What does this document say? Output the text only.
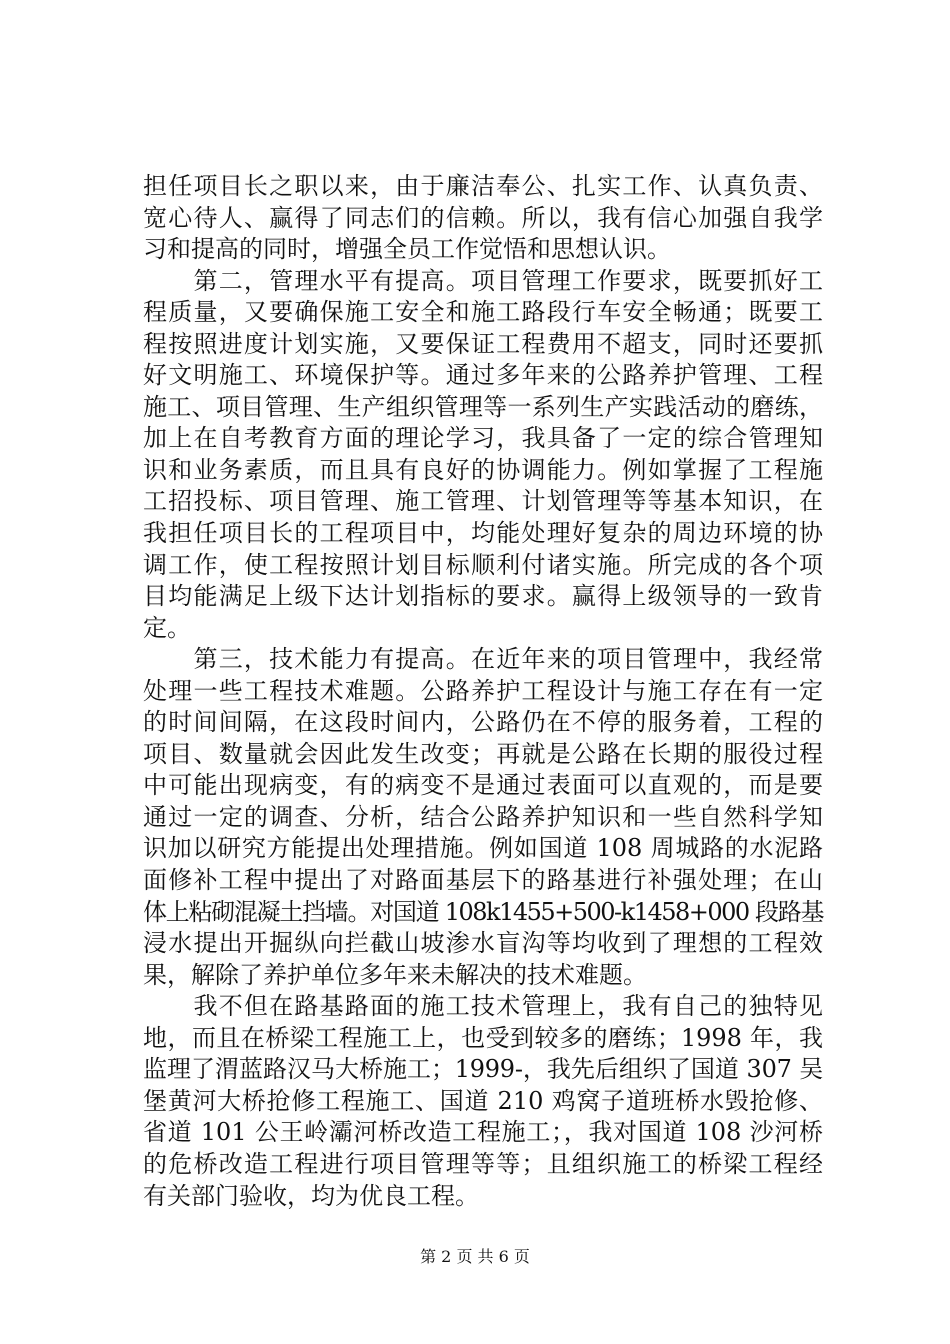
担任项目长之职以来，由于廉洁奉公、扎实工作、认真负责、
宽心待人、赢得了同志们的信赖。所以，我有信心加强自我学
习和提高的同时，增强全员工作觉悟和思想认识。
　　第二，管理水平有提高。项目管理工作要求，既要抓好工
程质量，又要确保施工安全和施工路段行车安全畅通；既要工
程按照进度计划实施，又要保证工程费用不超支，同时还要抓
好文明施工、环境保护等。通过多年来的公路养护管理、工程
施工、项目管理、生产组织管理等一系列生产实践活动的磨练，
加上在自考教育方面的理论学习，我具备了一定的综合管理知
识和业务素质，而且具有良好的协调能力。例如掌握了工程施
工招投标、项目管理、施工管理、计划管理等等基本知识，在
我担任项目长的工程项目中，均能处理好复杂的周边环境的协
调工作，使工程按照计划目标顺利付诸实施。所完成的各个项
目均能满足上级下达计划指标的要求。赢得上级领导的一致肯
定。
　　第三，技术能力有提高。在近年来的项目管理中，我经常
处理一些工程技术难题。公路养护工程设计与施工存在有一定
的时间间隔，在这段时间内，公路仍在不停的服务着，工程的
项目、数量就会因此发生改变；再就是公路在长期的服役过程
中可能出现病变，有的病变不是通过表面可以直观的，而是要
通过一定的调查、分析，结合公路养护知识和一些自然科学知
识加以研究方能提出处理措施。例如国道 108 周城路的水泥路
面修补工程中提出了对路面基层下的路基进行补强处理；在山
体上粘砌混凝土挡墙。对国道 108k1455+500-k1458+000 段路基
浸水提出开掘纵向拦截山坡渗水盲沟等均收到了理想的工程效
果，解除了养护单位多年来未解决的技术难题。
　　我不但在路基路面的施工技术管理上，我有自己的独特见
地，而且在桥梁工程施工上，也受到较多的磨练；1998 年，我
监理了渭蓝路汉马大桥施工；1999-，我先后组织了国道 307 吴
堡黄河大桥抢修工程施工、国道 210 鸡窝子道班桥水毁抢修、
省道 101 公王岭灞河桥改造工程施工；，我对国道 108 沙河桥
的危桥改造工程进行项目管理等等；且组织施工的桥梁工程经
有关部门验收，均为优良工程。
第 2 页 共 6 页
